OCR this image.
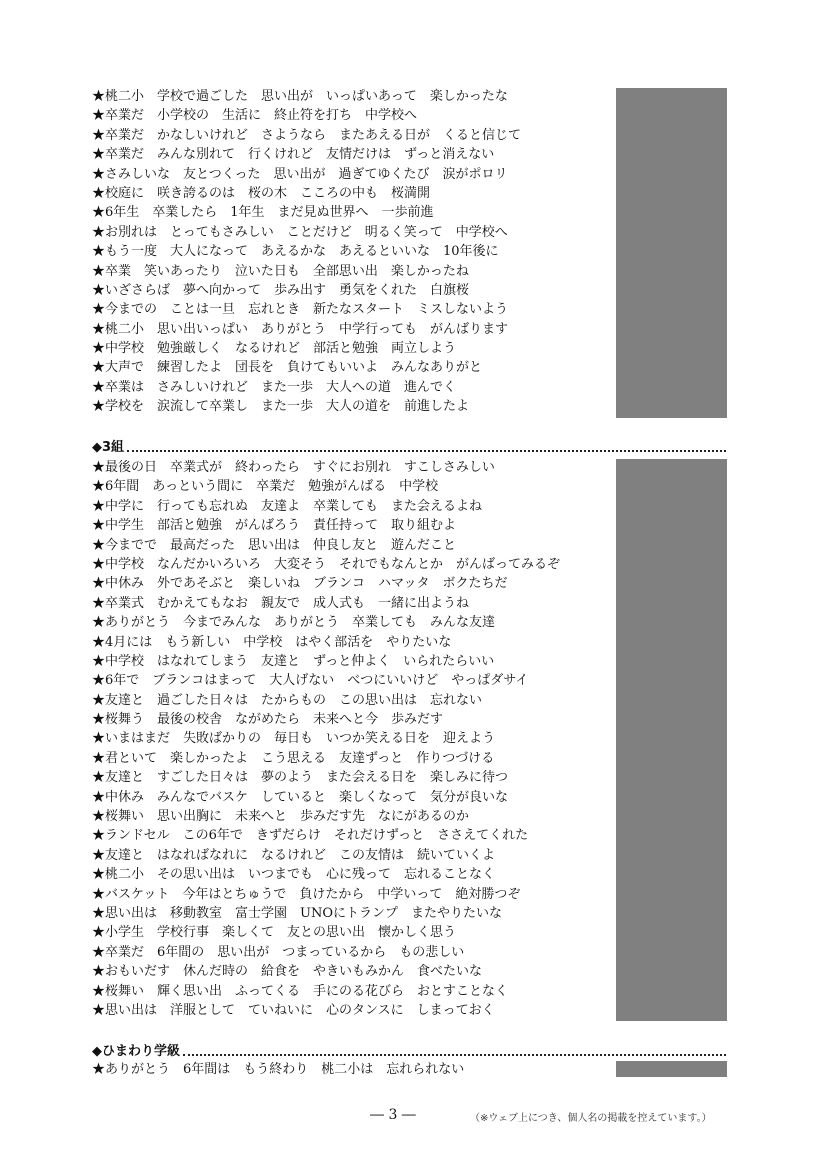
★桃二小　学校で過ごした　思い出が　いっぱいあって　楽しかったな
★卒業だ　小学校の　生活に　終止符を打ち　中学校へ
★卒業だ　かなしいけれど　さようなら　またあえる日が　くると信じて
★卒業だ　みんな別れて　行くけれど　友情だけは　ずっと消えない
★さみしいな　友とつくった　思い出が　過ぎてゆくたび　涙がポロリ
★校庭に　咲き誇るのは　桜の木　こころの中も　桜満開
★6年生　卒業したら　1年生　まだ見ぬ世界へ　一歩前進
★お別れは　とってもさみしい　ことだけど　明るく笑って　中学校へ
★もう一度　大人になって　あえるかな　あえるといいな　10年後に
★卒業　笑いあったり　泣いた日も　全部思い出　楽しかったね
★いざさらば　夢へ向かって　歩み出す　勇気をくれた　白旗桜
★今までの　ことは一旦　忘れとき　新たなスタート　ミスしないよう
★桃二小　思い出いっぱい　ありがとう　中学行っても　がんばります
★中学校　勉強厳しく　なるけれど　部活と勉強　両立しよう
★大声で　練習したよ　団長を　負けてもいいよ　みんなありがと
★卒業は　さみしいけれど　また一歩　大人への道　進んでく
★学校を　涙流して卒業し　また一歩　大人の道を　前進したよ
◆3組
★最後の日　卒業式が　終わったら　すぐにお別れ　すこしさみしい
★6年間　あっという間に　卒業だ　勉強がんばる　中学校
★中学に　行っても忘れぬ　友達よ　卒業しても　また会えるよね
★中学生　部活と勉強　がんばろう　責任持って　取り組むよ
★今までで　最高だった　思い出は　仲良し友と　遊んだこと
★中学校　なんだかいろいろ　大変そう　それでもなんとか　がんばってみるぞ
★中休み　外であそぶと　楽しいね　ブランコ　ハマッタ　ボクたちだ
★卒業式　むかえてもなお　親友で　成人式も　一緒に出ようね
★ありがとう　今までみんな　ありがとう　卒業しても　みんな友達
★4月には　もう新しい　中学校　はやく部活を　やりたいな
★中学校　はなれてしまう　友達と　ずっと仲よく　いられたらいい
★6年で　ブランコはまって　大人げない　べつにいいけど　やっぱダサイ
★友達と　過ごした日々は　たからもの　この思い出は　忘れない
★桜舞う　最後の校舎　ながめたら　未来へと今　歩みだす
★いまはまだ　失敗ばかりの　毎日も　いつか笑える日を　迎えよう
★君といて　楽しかったよ　こう思える　友達ずっと　作りつづける
★友達と　すごした日々は　夢のよう　また会える日を　楽しみに待つ
★中休み　みんなでバスケ　していると　楽しくなって　気分が良いな
★桜舞い　思い出胸に　未来へと　歩みだす先　なにがあるのか
★ランドセル　この6年で　きずだらけ　それだけずっと　ささえてくれた
★友達と　はなればなれに　なるけれど　この友情は　続いていくよ
★桃二小　その思い出は　いつまでも　心に残って　忘れることなく
★バスケット　今年はとちゅうで　負けたから　中学いって　絶対勝つぞ
★思い出は　移動教室　富士学園　UNOにトランプ　またやりたいな
★小学生　学校行事　楽しくて　友との思い出　懐かしく思う
★卒業だ　6年間の　思い出が　つまっているから　もの悲しい
★おもいだす　休んだ時の　給食を　やきいもみかん　食べたいな
★桜舞い　輝く思い出　ふってくる　手にのる花びら　おとすことなく
★思い出は　洋服として　ていねいに　心のタンスに　しまっておく
◆ひまわり学級
★ありがとう　6年間は　もう終わり　桃二小は　忘れられない
― 3 ―	（※ウェブ上につき、個人名の掲載を控えています。）
